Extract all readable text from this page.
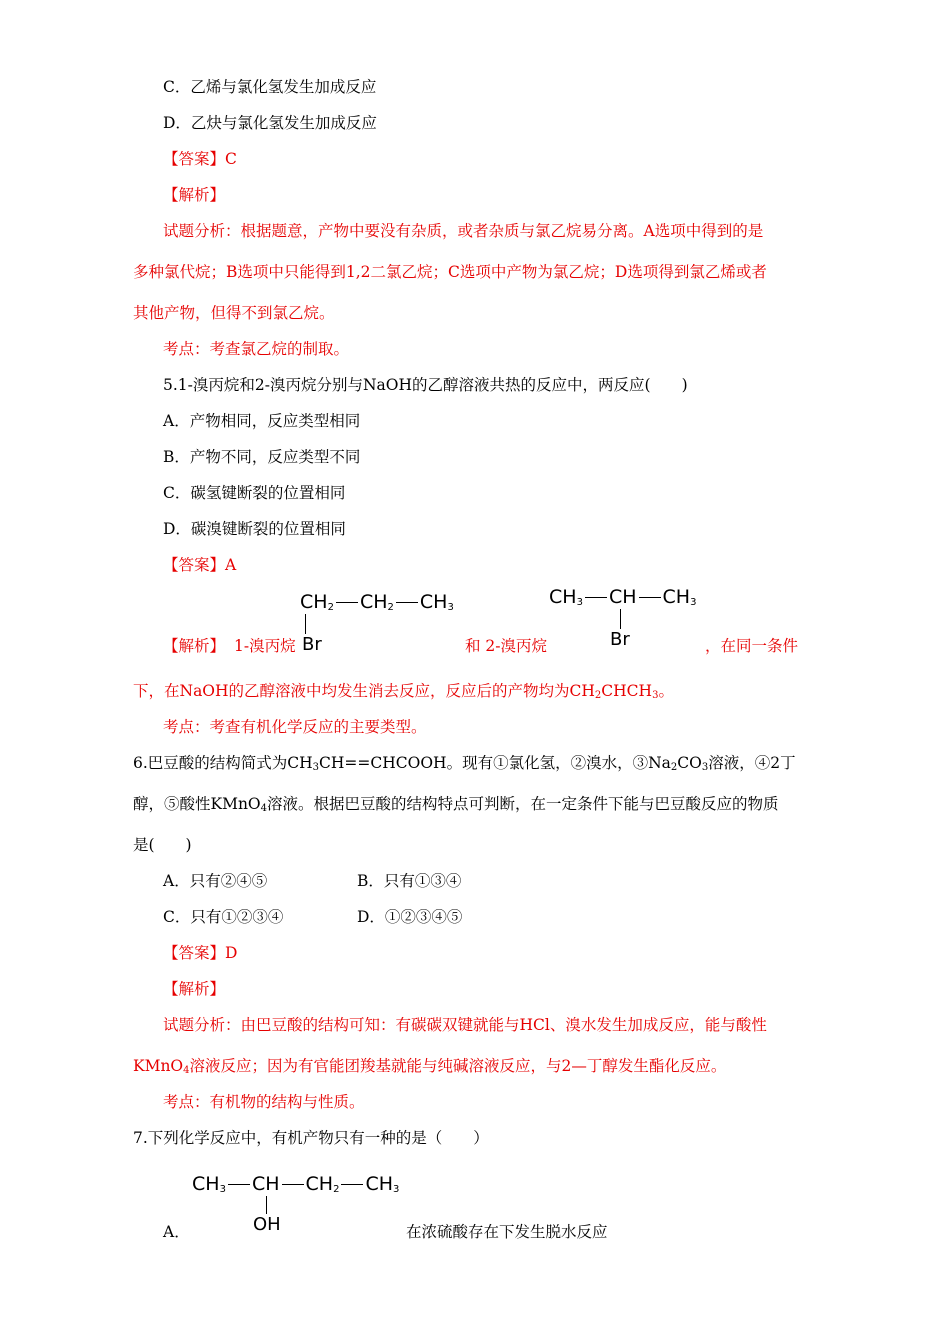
C．乙烯与氯化氢发生加成反应
D．乙炔与氯化氢发生加成反应
【答案】C
【解析】
试题分析：根据题意，产物中要没有杂质，或者杂质与氯乙烷易分离。A选项中得到的是
多种氯代烷；B选项中只能得到1,2二氯乙烷；C选项中产物为氯乙烷；D选项得到氯乙烯或者
其他产物，但得不到氯乙烷。
考点：考查氯乙烷的制取。
5.1-溴丙烷和2-溴丙烷分别与NaOH的乙醇溶液共热的反应中，两反应(　　)
A．产物相同，反应类型相同
B．产物不同，反应类型不同
C．碳氢键断裂的位置相同
D．碳溴键断裂的位置相同
【答案】A
$CH_2$ $CH_2$ $CH_3$
Br
$CH_3$ CH $CH_3$
Br
【解析】 1-溴丙烷	和 2-溴丙烷	，在同一条件
下，在NaOH的乙醇溶液中均发生消去反应，反应后的产物均为$CH_2CHCH_3$。
考点：考查有机化学反应的主要类型。
6.巴豆酸的结构简式为$CH_3CH==CHCOOH$。现有①氯化氢，②溴水，$③Na_2CO_3$溶液，④2丁
醇，⑤酸性KMnO$_4$溶液。根据巴豆酸的结构特点可判断，在一定条件下能与巴豆酸反应的物质
是(　　)
A．只有②④⑤	B．只有①③④
C．只有①②③④	D．①②③④⑤
【答案】D
【解析】
试题分析：由巴豆酸的结构可知：有碳碳双键就能与HCl、溴水发生加成反应，能与酸性
KMnO$_4$溶液反应；因为有官能团羧基就能与纯碱溶液反应，与2—丁醇发生酯化反应。
考点：有机物的结构与性质。
7.下列化学反应中，有机产物只有一种的是（　　）
$CH_3$ CH $CH_2$ $CH_3$
OH
A．	在浓硫酸存在下发生脱水反应
